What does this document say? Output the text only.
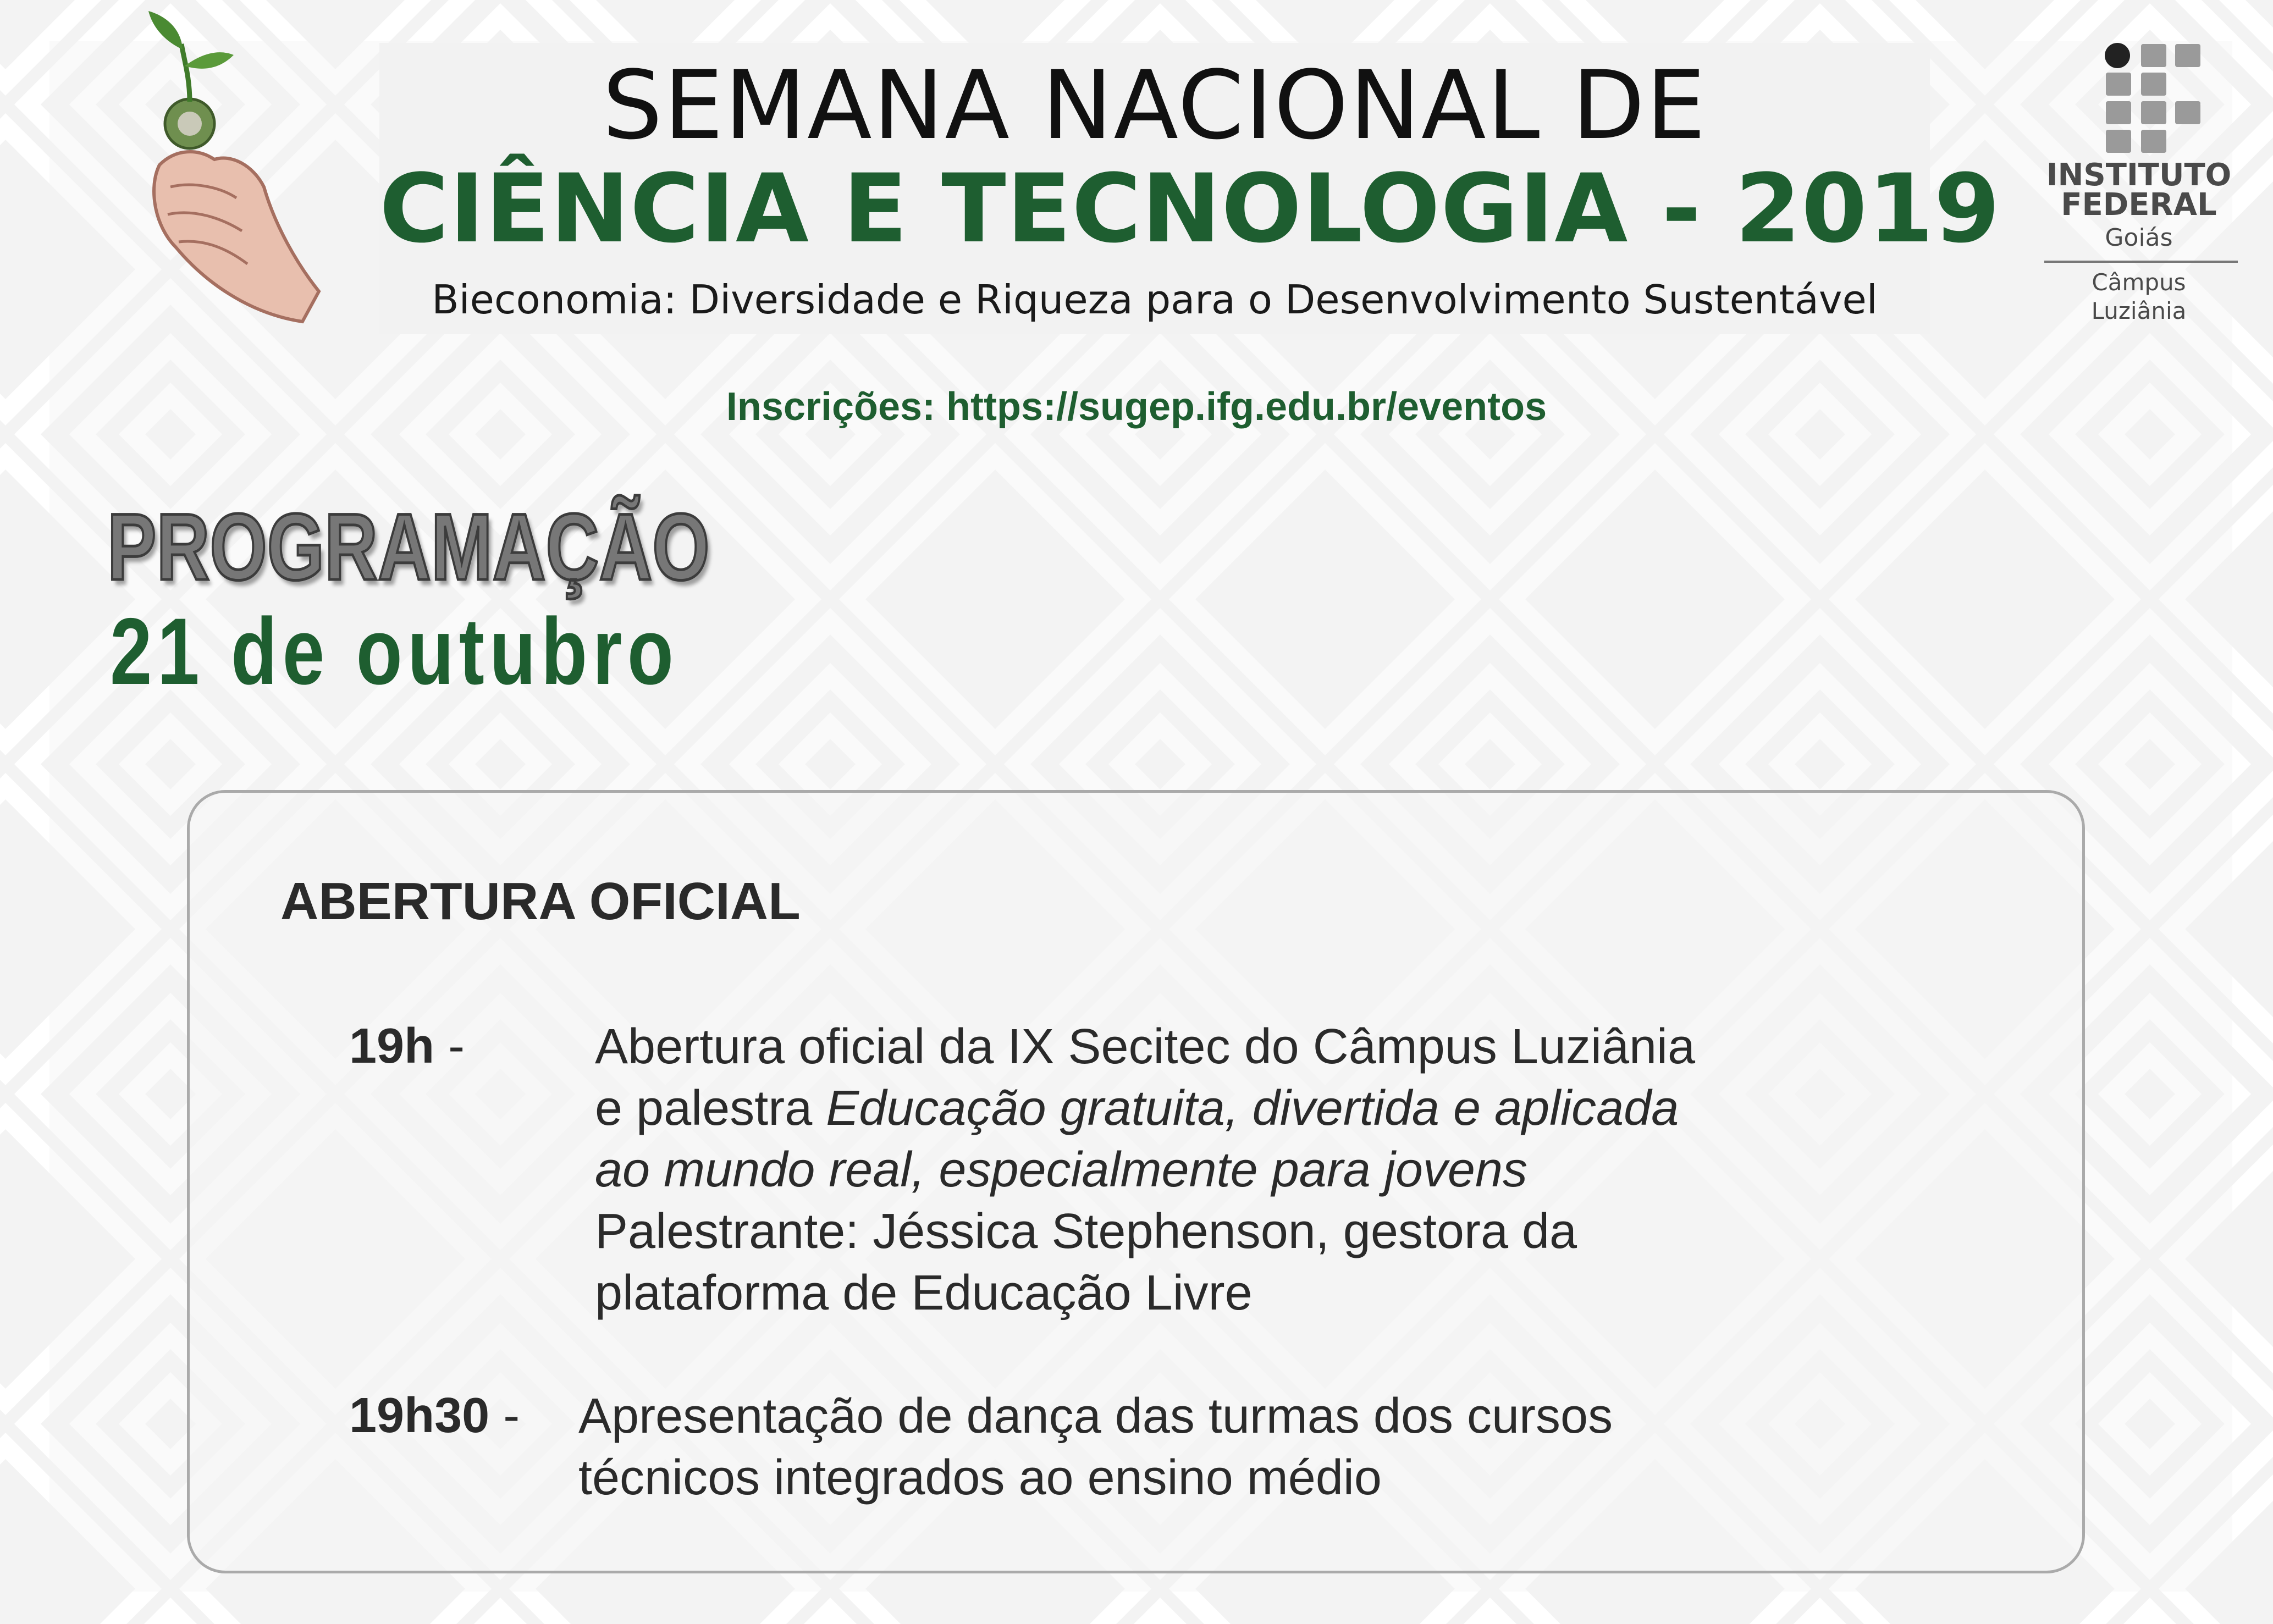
SEMANA NACIONAL DE
CIÊNCIA E TECNOLOGIA - 2019
Bieconomia: Diversidade e Riqueza para o Desenvolvimento Sustentável
INSTITUTO
FEDERAL
Goiás
Câmpus
Luziânia
Inscrições: https://sugep.ifg.edu.br/eventos
PROGRAMAÇÃO
21 de outubro
ABERTURA OFICIAL
19h -	Abertura oficial da IX Secitec do Câmpus Luziânia
e palestra Educação gratuita, divertida e aplicada
ao mundo real, especialmente para jovens
Palestrante: Jéssica Stephenson, gestora da
plataforma de Educação Livre
19h30 - Apresentação de dança das turmas dos cursos
técnicos integrados ao ensino médio
